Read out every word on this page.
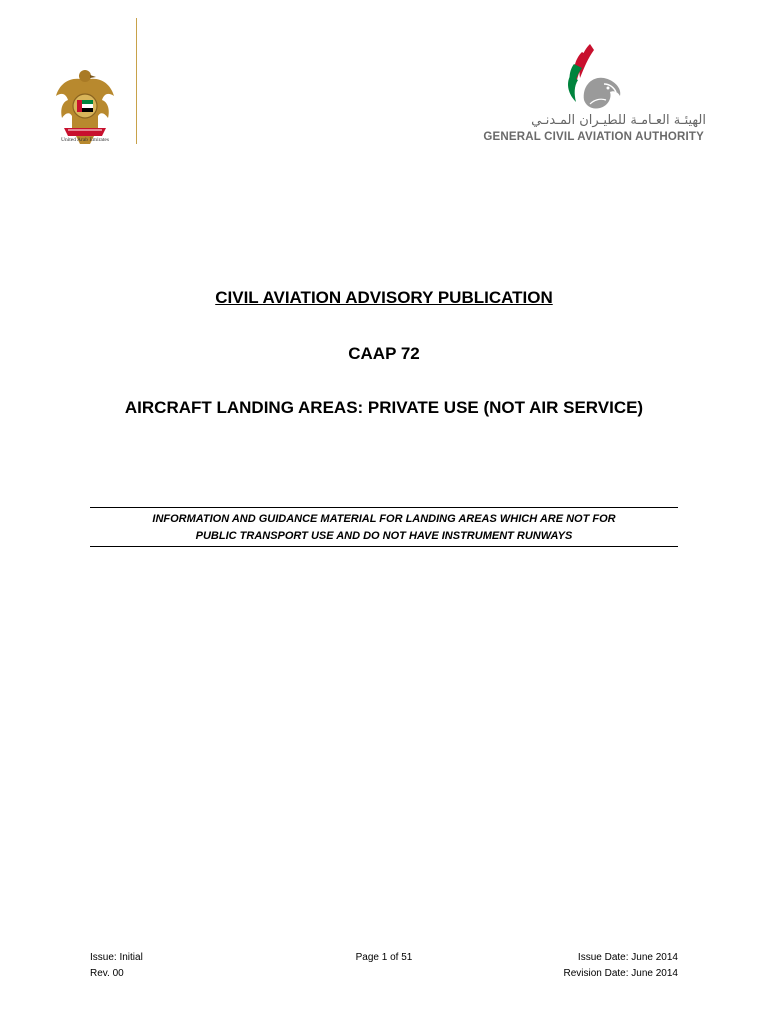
United Arab Emirates
الهيئـة العـامـة للطيـران المـدنـي
GENERAL CIVIL AVIATION AUTHORITY
CIVIL AVIATION ADVISORY PUBLICATION
CAAP 72
AIRCRAFT LANDING AREAS: PRIVATE USE (NOT AIR SERVICE)
INFORMATION AND GUIDANCE MATERIAL FOR LANDING AREAS WHICH ARE NOT FOR
PUBLIC TRANSPORT USE AND DO NOT HAVE INSTRUMENT RUNWAYS
Issue: Initial
Rev. 00
Page 1 of 51	Issue Date: June 2014
Revision Date: June 2014
